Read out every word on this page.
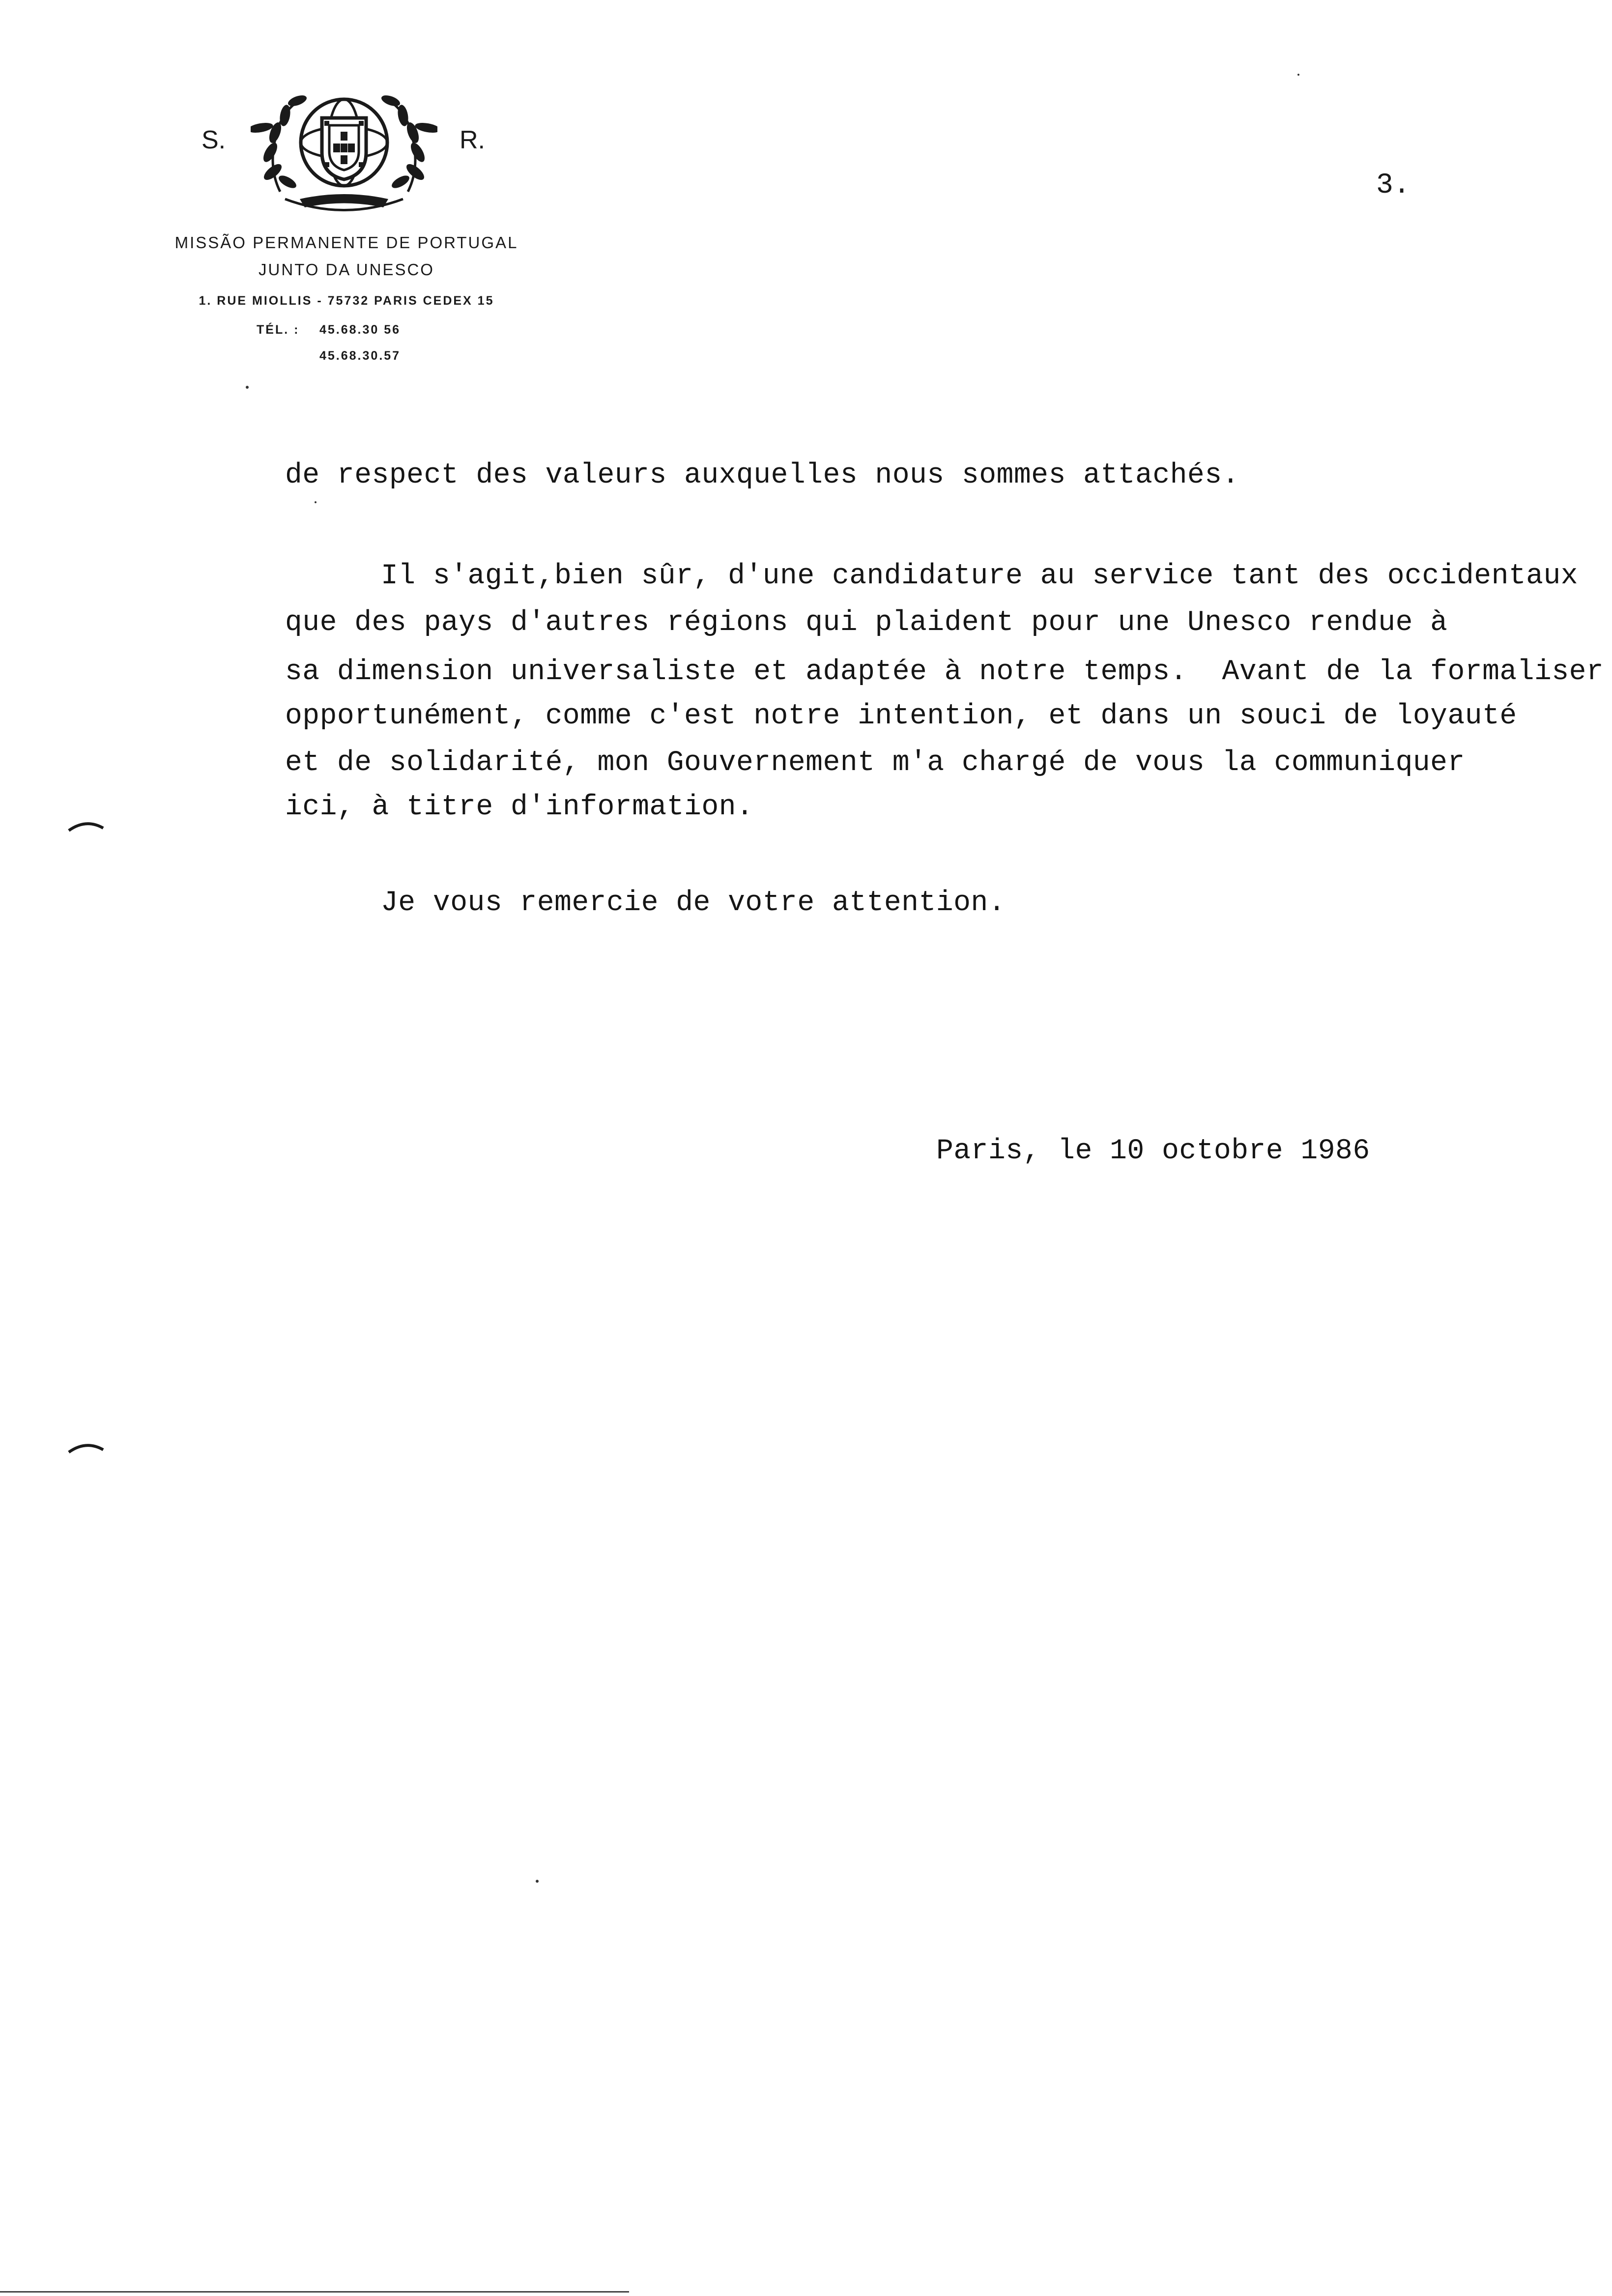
S.	R.
MISSÃO PERMANENTE DE PORTUGAL
JUNTO DA UNESCO
1. RUE MIOLLIS - 75732 PARIS CEDEX 15
TÉL. : 45.68.30 56
45.68.30.57
3.
de respect des valeurs auxquelles nous sommes attachés.
Il s'agit,bien sûr, d'une candidature au service tant des occidentaux
que des pays d'autres régions qui plaident pour une Unesco rendue à
sa dimension universaliste et adaptée à notre temps.  Avant de la formaliser
opportunément, comme c'est notre intention, et dans un souci de loyauté
et de solidarité, mon Gouvernement m'a chargé de vous la communiquer
ici, à titre d'information.
Je vous remercie de votre attention.
Paris, le 10 octobre 1986
